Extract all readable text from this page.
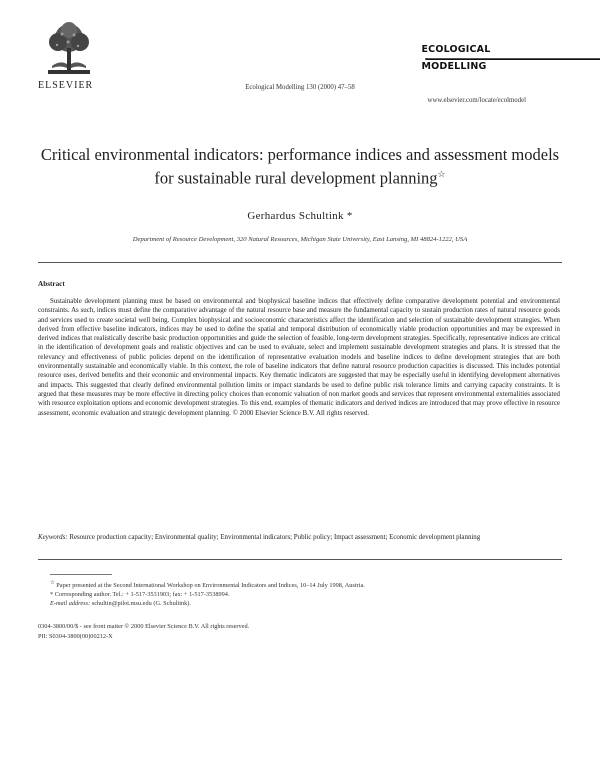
ELSEVIER	Ecological Modelling 130 (2000) 47–58
ECOLOGICAL
MODELLING
www.elsevier.com/locate/ecolmodel
Critical environmental indicators: performance indices and assessment models for sustainable rural development planning☆
Gerhardus Schultink *
Department of Resource Development, 320 Natural Resources, Michigan State University, East Lansing, MI 48824-1222, USA
Abstract
Sustainable development planning must be based on environmental and biophysical baseline indices that effectively define comparative development potential and environmental constraints. As such, indices must define the comparative advantage of the natural resource base and measure the fundamental capacity to sustain production rates of natural resource goods and services used to create societal well being. Complex biophysical and socioeconomic characteristics affect the identification and selection of sustainable development strategies. When derived from effective baseline indicators, indices may be used to define the spatial and temporal distribution of economically viable production opportunities and may be expressed in derived indices that realistically describe basic production opportunities and guide the selection of feasible, long-term development strategies. Specifically, representative indices are critical in the identification of development goals and realistic objectives and can be used to evaluate, select and implement sustainable development strategies and plans. It is stressed that the relevancy and effectiveness of public policies depend on the identification of representative evaluation models and baseline indices to define development strategies that are both environmentally sustainable and economically viable. In this context, the role of baseline indicators that define natural resource production capacities is discussed. This includes potential resource uses, derived benefits and their economic and environmental impacts. Key thematic indicators are suggested that may be especially useful in identifying development alternatives and impacts. This suggested that clearly defined environmental pollution limits or impact standards be used to define public risk tolerance limits and carrying capacity constraints. It is argued that these measures may be more effective in directing policy choices than economic valuation of non market goods and services that represent environmental externalities associated with resource exploitation options and economic development strategies. To this end, examples of thematic indicators and derived indices are introduced that may prove effective in resource assessment, economic evaluation and strategic development planning. © 2000 Elsevier Science B.V. All rights reserved.
Keywords: Resource production capacity; Environmental quality; Environmental indicators; Public policy; Impact assessment; Economic development planning
☆ Paper presented at the Second International Workshop on Environmental Indicators and Indices, 10–14 July 1998, Austria.
* Corresponding author. Tel.: + 1-517-3531903; fax: + 1-517-3538994.
E-mail address: schultin@pilot.msu.edu (G. Schultink).
0304-3800/00/$ - see front matter © 2000 Elsevier Science B.V. All rights reserved.
PII: S0304-3800(00)00212-X
